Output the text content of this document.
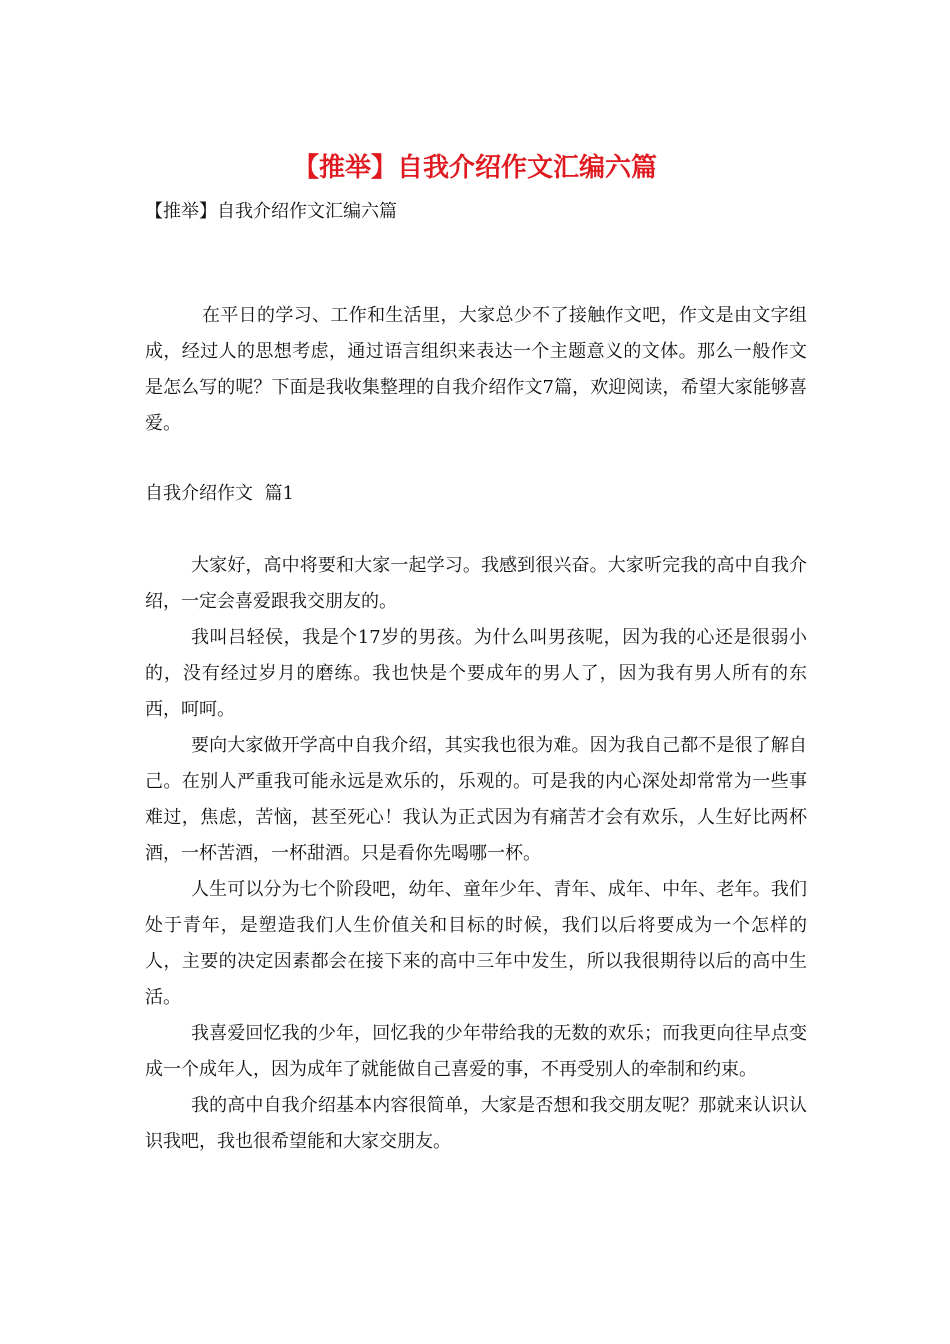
【推举】自我介绍作文汇编六篇
【推举】自我介绍作文汇编六篇
在平日的学习、工作和生活里，大家总少不了接触作文吧，作文是由文字组成，经过人的思想考虑，通过语言组织来表达一个主题意义的文体。那么一般作文是怎么写的呢？下面是我收集整理的自我介绍作文7篇，欢迎阅读，希望大家能够喜爱。
自我介绍作文  篇1

大家好，高中将要和大家一起学习。我感到很兴奋。大家听完我的高中自我介绍，一定会喜爱跟我交朋友的。

我叫吕轻侯，我是个17岁的男孩。为什么叫男孩呢，因为我的心还是很弱小的，没有经过岁月的磨练。我也快是个要成年的男人了，因为我有男人所有的东西，呵呵。

要向大家做开学高中自我介绍，其实我也很为难。因为我自己都不是很了解自己。在别人严重我可能永远是欢乐的，乐观的。可是我的内心深处却常常为一些事难过，焦虑，苦恼，甚至死心！我认为正式因为有痛苦才会有欢乐，人生好比两杯酒，一杯苦酒，一杯甜酒。只是看你先喝哪一杯。

人生可以分为七个阶段吧，幼年、童年少年、青年、成年、中年、老年。我们处于青年，是塑造我们人生价值关和目标的时候，我们以后将要成为一个怎样的人，主要的决定因素都会在接下来的高中三年中发生，所以我很期待以后的高中生活。

我喜爱回忆我的少年，回忆我的少年带给我的无数的欢乐；而我更向往早点变成一个成年人，因为成年了就能做自己喜爱的事，不再受别人的牵制和约束。

我的高中自我介绍基本内容很简单，大家是否想和我交朋友呢？那就来认识认识我吧，我也很希望能和大家交朋友。
